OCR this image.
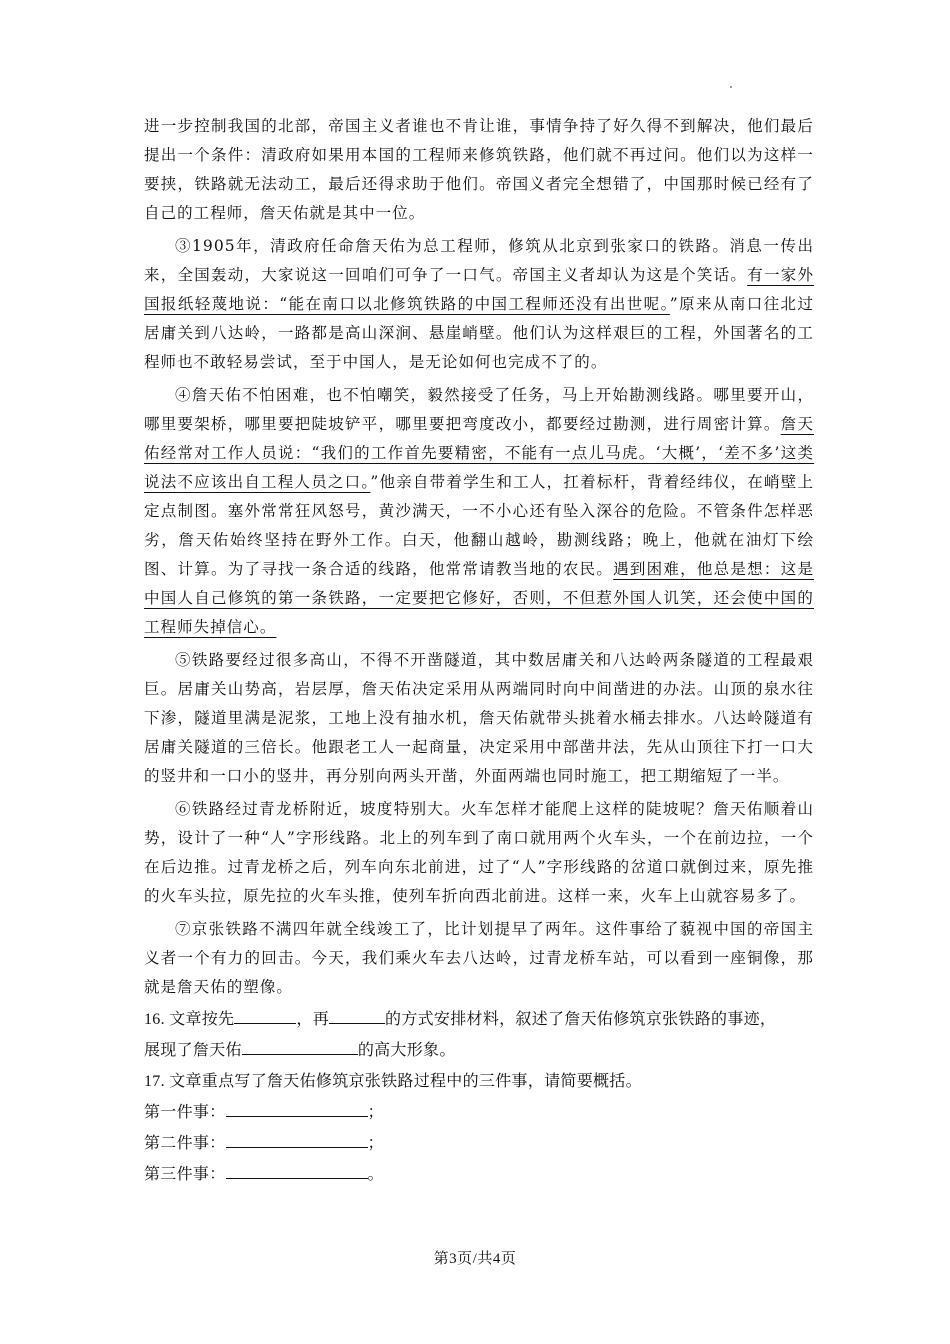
进一步控制我国的北部，帝国主义者谁也不肯让谁，事情争持了好久得不到解决，他们最后提出一个条件：清政府如果用本国的工程师来修筑铁路，他们就不再过问。他们以为这样一要挟，铁路就无法动工，最后还得求助于他们。帝国义者完全想错了，中国那时候已经有了自己的工程师，詹天佑就是其中一位。

③1905年，清政府任命詹天佑为总工程师，修筑从北京到张家口的铁路。消息一传出来，全国轰动，大家说这一回咱们可争了一口气。帝国主义者却认为这是个笑话。有一家外国报纸轻蔑地说：“能在南口以北修筑铁路的中国工程师还没有出世呢。”原来从南口往北过居庸关到八达岭，一路都是高山深涧、悬崖峭壁。他们认为这样艰巨的工程，外国著名的工程师也不敢轻易尝试，至于中国人，是无论如何也完成不了的。

④詹天佑不怕困难，也不怕嘲笑，毅然接受了任务，马上开始勘测线路。哪里要开山，哪里要架桥，哪里要把陡坡铲平，哪里要把弯度改小，都要经过勘测，进行周密计算。詹天佑经常对工作人员说：“我们的工作首先要精密，不能有一点儿马虎。‘大概’，‘差不多’这类说法不应该出自工程人员之口。”他亲自带着学生和工人，扛着标杆，背着经纬仪，在峭壁上定点制图。塞外常常狂风怒号，黄沙满天，一不小心还有坠入深谷的危险。不管条件怎样恶劣，詹天佑始终坚持在野外工作。白天，他翻山越岭，勘测线路；晚上，他就在油灯下绘图、计算。为了寻找一条合适的线路，他常常请教当地的农民。遇到困难，他总是想：这是中国人自己修筑的第一条铁路，一定要把它修好，否则，不但惹外国人讥笑，还会使中国的工程师失掉信心。

⑤铁路要经过很多高山，不得不开凿隧道，其中数居庸关和八达岭两条隧道的工程最艰巨。居庸关山势高，岩层厚，詹天佑决定采用从两端同时向中间凿进的办法。山顶的泉水往下渗，隧道里满是泥浆，工地上没有抽水机，詹天佑就带头挑着水桶去排水。八达岭隧道有居庸关隧道的三倍长。他跟老工人一起商量，决定采用中部凿井法，先从山顶往下打一口大的竖井和一口小的竖井，再分别向两头开凿，外面两端也同时施工，把工期缩短了一半。

⑥铁路经过青龙桥附近，坡度特别大。火车怎样才能爬上这样的陡坡呢？詹天佑顺着山势，设计了一种“人”字形线路。北上的列车到了南口就用两个火车头，一个在前边拉，一个在后边推。过青龙桥之后，列车向东北前进，过了“人”字形线路的岔道口就倒过来，原先推的火车头拉，原先拉的火车头推，使列车折向西北前进。这样一来，火车上山就容易多了。

⑦京张铁路不满四年就全线竣工了，比计划提早了两年。这件事给了藐视中国的帝国主义者一个有力的回击。今天，我们乘火车去八达岭，过青龙桥车站，可以看到一座铜像，那就是詹天佑的塑像。

16. 文章按先	，再	的方式安排材料，叙述了詹天佑修筑京张铁路的事迹，

展现了詹天佑	的高大形象。

17. 文章重点写了詹天佑修筑京张铁路过程中的三件事，请简要概括。

第一件事：	；

第二件事：	；

第三件事：	。

第3页/共4页
